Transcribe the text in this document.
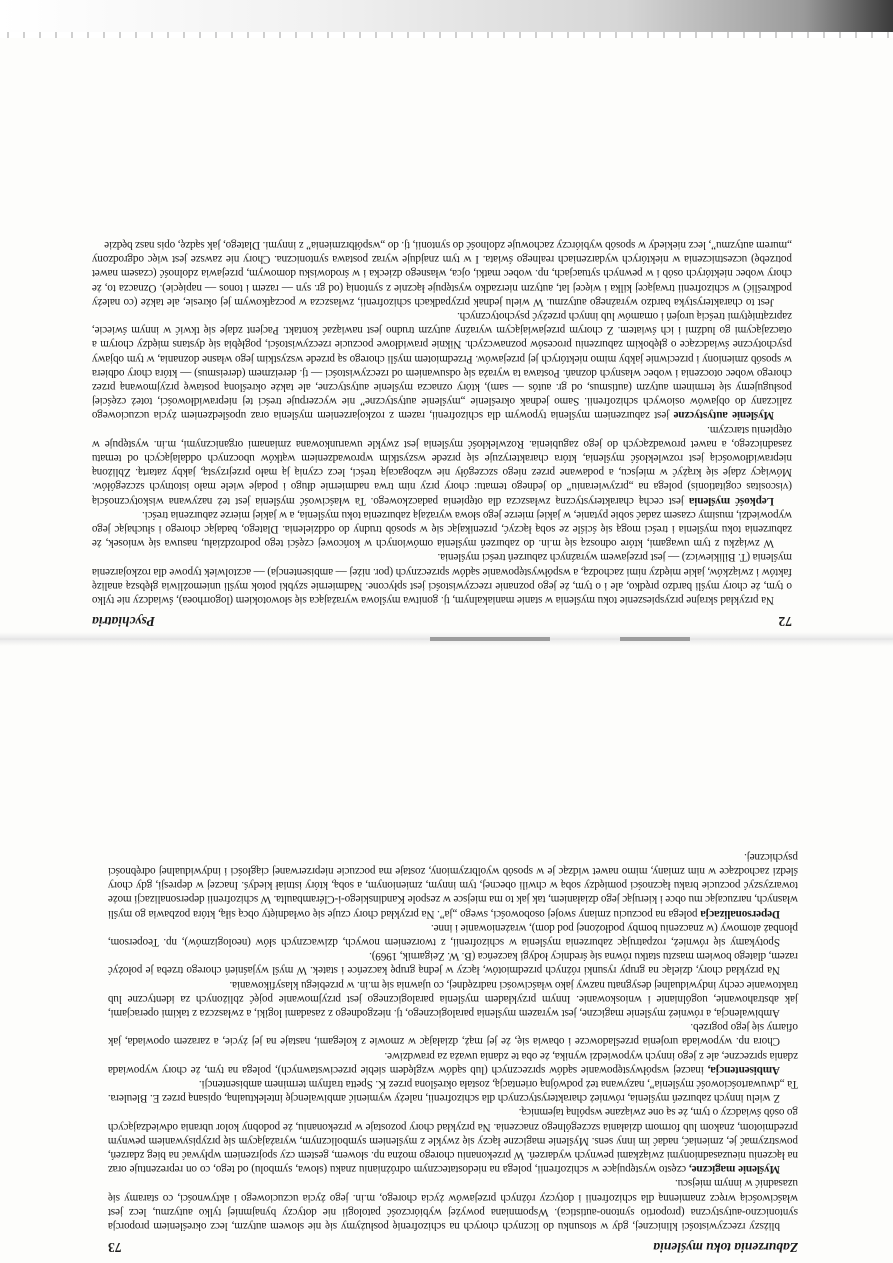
Zaburzenia toku myślenia
73

bliższy rzeczywistości klinicznej, gdy w stosunku do licznych chorych na schizofrenię posłużymy się nie słowem autyzm, lecz określeniem proporcja syntoniczno-autystyczna (proportio syntono-autistica). Wspomniana powyżej wybiórczość patologii nie dotyczy bynajmniej tylko autyzmu, lecz jest właściwością wręcz znamienną dla schizofrenii i dotyczy różnych przejawów życia chorego, m.in. jego życia uczuciowego i aktywności, co staramy się uzasadnić w innym miejscu.

Myślenie magiczne, często występujące w schizofrenii, polega na niedostatecznym odróżnianiu znaku (słowa, symbolu) od tego, co on reprezentuje oraz na łączeniu nieuzasadnionymi związkami pewnych wydarzeń. W przekonaniu chorego można np. słowem, gestem czy spojrzeniem wpływać na bieg zdarzeń, powstrzymać je, zmieniać, nadać im inny sens. Myślenie magiczne łączy się zwykle z myśleniem symbolicznym, wyrażającym się przypisywaniem pewnym przedmiotom, znakom lub formom działania szczególnego znaczenia. Na przykład chory pozostaje w przekonaniu, że podobny kolor ubrania odwiedzających go osób świadczy o tym, że są one związane wspólną tajemnicą.

Z wielu innych zaburzeń myślenia, również charakterystycznych dla schizofrenii, należy wymienić ambiwalencję intelektualną, opisaną przez E. Bleulera. Ta „dwuwartościowość myślenia”, nazywana też podwójną orientacją, została określona przez K. Spetta trafnym terminem ambisentencji.

Ambisentencja, inaczej współwystępowanie sądów sprzecznych (lub sądów względem siebie przeciwstawnych), polega na tym, że chory wypowiada zdania sprzeczne, ale z jego innych wypowiedzi wynika, że oba te zdania uważa za prawdziwe.

Chora np. wypowiada urojenia prześladowcze i obawia się, że jej mąż, działając w zmowie z kolegami, nastaje na jej życie, a zarazem opowiada, jak ofiarny się jego pogrzeb.

Ambiwalencja, a również myślenie magiczne, jest wyrazem myślenia paralogicznego, tj. niezgodnego z zasadami logiki, a zwłaszcza z takimi operacjami, jak abstrahowanie, uogólnianie i wnioskowanie. Innym przykładem myślenia paralogicznego jest przyjmowanie pojęć zbliżonych za identyczne lub traktowanie cechy indywidualnej desygnatu nazwy jako właściwości nadrzędnej, co ujawnia się m.in. w przebiegu klasyfikowania.

Na przykład chory, dzieląc na grupy rysunki różnych przedmiotów, łączy w jedną grupę kaczeńce i statek. W myśl wyjaśnień chorego trzeba je położyć razem, dlatego bowiem masztu statku równa się średnicy łodygi kaczeńca (B. W. Zeigarnik, 1969).

Spotykamy się również, rozpatrując zaburzenia myślenia w schizofrenii, z tworzeniem nowych, dziwacznych słów (neologizmów), np. Teopersom, płonbaż atomowy (w znaczeniu bomby podłożonej pod dom), wrażeniowanie i inne.

Depersonalizacja polega na poczuciu zmiany swojej osobowości, swego „ja”. Na przykład chory czuje się owładnięty obcą siłą, która pozbawia go myśli własnych, narzucając mu obce i kierując jego działaniem, tak jak to ma miejsce w zespole Kandinskiego-i-Clérambaulta. W schizofrenii depersonalizacji może towarzyszyć poczucie braku łączności pomiędzy sobą w chwili obecnej, tym innym, zmienionym, a sobą, który istniał kiedyś. Inaczej w depresji, gdy chory śledzi zachodzące w nim zmiany, mimo nawet widząc je w sposób wyolbrzymiony, zostaje ma poczucie nieprzerwanej ciągłości i indywidualnej odrębności psychicznej.

72
Psychiatria

Na przykład skrajne przyspieszenie toku myślenia w stanie maniakalnym, tj. gonitwa myślowa wyrażająca się słowotokiem (logorrhoea), świadczy nie tylko o tym, że chory myśli bardzo prędko, ale i o tym, że jego poznanie rzeczywistości jest spłycone. Nadmiernie szybki potok myśli uniemożliwia głębszą analizę faktów i związków, jakie między nimi zachodzą, a współwystępowanie sądów sprzecznych (por. niżej — ambisentencja) — acztolwiek typowe dla rozkojarzenia myślenia (T. Bilikiewicz) — jest przejawem wyraźnych zaburzeń treści myślenia.

W związku z tym uwagami, które odnoszą się m.in. do zaburzeń myślenia omówionych w końcowej części tego podrozdziału, nasuwa się wniosek, że zaburzenia toku myślenia i treści mogą się ściśle ze sobą łączyć, przenikając się w sposób trudny do oddzielenia. Dlatego, badając chorego i słuchając jego wypowiedzi, musimy czasem zadać sobie pytanie, w jakiej mierze jego słowa wyrażają zaburzenia toku myślenia, a w jakiej mierze zaburzenia treści.

Lepkość myślenia jest cechą charakterystyczną zwłaszcza dla otępienia padaczkowego. Ta właściwość myślenia jest też nazywana wiskotycznością (viscositas cogitationis) polega na „przywieraniu” do jednego tematu: chory przy nim trwa nadmiernie długo i podaje wiele mało istotnych szczegółów. Mówiący zdaje się krążyć w miejscu, a podawane przez niego szczegóły nie wzbogacają treści, lecz czynią ją mało przejrzystą, jakby zatartą. Zbliżoną nieprawidłowością jest rozwlekłość myślenia, która charakteryzuje się przede wszystkim wprowadzeniem wątków ubocznych oddalających od tematu zasadniczego, a nawet prowadzących do jego zagubienia. Rozwlekłość myślenia jest zwykle uwarunkowana zmianami organicznymi, m.in. występuje w otępieniu starczym.

Myślenie autystyczne jest zaburzeniem myślenia typowym dla schizofrenii, razem z rozkojarzeniem myślenia oraz upośledzeniem życia uczuciowego zaliczany do objawów osiowych schizofrenii. Samo jednak określenie „myślenie autystyczne” nie wyczerpuje treści tej nieprawidłowości, toteż częściej posługujemy się terminem autyzm (autismus, od gr. autós — sam), który oznacza myślenie autystyczne, ale także określoną postawę przyjmowaną przez chorego wobec otoczenia i wobec własnych doznań. Postawa ta wyraża się odsuwaniem od rzeczywistości — tj. dereizmem (dereismus) — która chory odbiera w sposób zmieniony i przeciwnie jakby mimo niektórych jej przejawów. Przedmiotem myśli chorego są przede wszystkim jego własne doznania, w tym objawy psychotyczne świadczące o głębokim zaburzeniu procesów poznawczych. Niknie prawidłowe poczucie rzeczywistości, pogłębia się dystans między chorym a otaczającymi go ludźmi i ich światem. Z chorym przejawiającym wyraźny autyzm trudno jest nawiązać kontakt. Pacjent zdaje się tkwić w innym świecie, zaprzątniętymi treścią urojeń i omamów lub innych przeżyć psychotycznych.

Jest to charakterystyka bardzo wyraźnego autyzmu. W wielu jednak przypadkach schizofrenii, zwłaszcza w początkowym jej okresie, ale także (co należy podkreślić) w schizofrenii trwającej kilka i więcej lat, autyzm nierzadko występuje łącznie z syntonią (od gr. syn — razem i tonos — napięcie). Oznacza to, że chory wobec niektórych osób i w pewnych sytuacjach, np. wobec matki, ojca, własnego dziecka i w środowisku domowym, przejawia zdolność (czasem nawet potrzebę) uczestniczenia w niektórych wydarzeniach realnego świata. I w tym znajduje wyraz postawa syntoniczna. Chory nie zawsze jest więc odgrodzony „murem autyzmu”, lecz niekiedy w sposób wybiórczy zachowuje zdolność do syntonii, tj. do „współbrzmienia” z innymi. Dlatego, jak sądzę, opis nasz będzie
